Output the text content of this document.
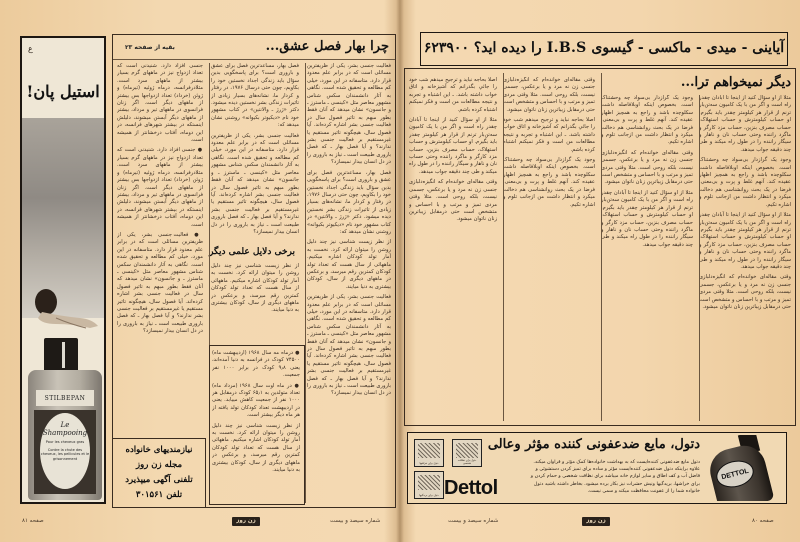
ع
استیل پان!
STILBEPAN
Le Shampooing
Pour les cheveux gras
Contre la chute des cheveux, les pellicules et le grisonnement
چرا بهار فصل عشق...
بقیه از صفحه ۲۳

فعالیت جنسی بشر، یکی از ظریفترین مسائلی است که در برابر علم معدود قرار دارد. متاسفانه در این مورد، خیلی کم مطالعه و تحقیق شده است. نگاهی به آثار دانشمندان سکس شناس مشهور معاصر مثل «کینسی ـ ماسترز ـ و جانسون» نشان میدهد که آنان فقط بطور مبهم به تاثیر فصول سال در فعالیت جنسی بشر اشاره کرده‌اند. آیا فصول سال، هیچگونه تاثیر مستقیم یا غیرمستقیم بر فعالیت جنسی بشر ندارند؟ و آیا فصل بهار ـ که فصل باروری طبیعت است ـ نیاز به باروری را در دل انسان بیدار نمیسازد؟

فصل بهار، مساعدترین فصل برای عشق و باروری است؟ برای پاسخگویی بدین سؤال باید زندگی اجداد نخستین خود را بکاویم، چون حتی درسال ۱۹۷۶، در رفتار و کردار ما، نشانه‌های بسیار زیادی از تاثیرات زندگی بشر نخستین دیده میشود. دکتر «ژرژ ـ والانتین» در کتاب مشهور خود نام «دیکیوتر بکیوانه» روشنی نشان میدهد که:

از نظر زیست شناسی نیز چند دلیل روشن را میتوان ارائه کرد. نخست به آمار تولد کودکان اشاره میکنیم. ماههائی از سال هست که تعداد تولد کودکان کمترین رقم میرسد، و برعکس در ماههای دیگری از سال، کودکان بیشتری به دنیا میایند.

فعالیت جنسی بشر، یکی از ظریفترین مسائلی است که در برابر علم معدود قرار دارد. متاسفانه در این مورد، خیلی کم مطالعه و تحقیق شده است. نگاهی به آثار دانشمندان سکس شناس مشهور معاصر مثل «کینسی ـ ماسترز ـ و جانسون» نشان میدهد که آنان فقط بطور مبهم به تاثیر فصول سال در فعالیت جنسی بشر اشاره کرده‌اند. آیا فصول سال، هیچگونه تاثیر مستقیم یا غیرمستقیم بر فعالیت جنسی بشر ندارند؟ و آیا فصل بهار ـ که فصل باروری طبیعت است ـ نیاز به باروری را در دل انسان بیدار نمیسازد؟

فصل بهار، مساعدترین فصل برای عشق و باروری است؟ برای پاسخگویی بدین سؤال باید زندگی اجداد نخستین خود را بکاویم، چون حتی درسال ۱۹۷۶، در رفتار و کردار ما، نشانه‌های بسیار زیادی از تاثیرات زندگی بشر نخستین دیده میشود. دکتر «ژرژ ـ والانتین» در کتاب مشهور خود نام «دیکیوتر بکیوانه» روشنی نشان میدهد که:

فعالیت جنسی بشر، یکی از ظریفترین مسائلی است که در برابر علم معدود قرار دارد. متاسفانه در این مورد، خیلی کم مطالعه و تحقیق شده است. نگاهی به آثار دانشمندان سکس شناس مشهور معاصر مثل «کینسی ـ ماسترز ـ و جانسون» نشان میدهد که آنان فقط بطور مبهم به تاثیر فصول سال در فعالیت جنسی بشر اشاره کرده‌اند. آیا فصول سال، هیچگونه تاثیر مستقیم یا غیرمستقیم بر فعالیت جنسی بشر ندارند؟ و آیا فصل بهار ـ که فصل باروری طبیعت است ـ نیاز به باروری را در دل انسان بیدار نمیسازد؟

برخی دلایل علمی دیگر

از نظر زیست شناسی نیز چند دلیل روشن را میتوان ارائه کرد. نخست به آمار تولد کودکان اشاره میکنیم. ماههائی از سال هست که تعداد تولد کودکان کمترین رقم میرسد، و برعکس در ماههای دیگری از سال، کودکان بیشتری به دنیا میایند.

جنسی افزاد دارد. شنیدنی است که تعداد ازدواج نیز در ماههای گرم بسیار بیشتر از ماههای سرد است. مثلادرفرانسه، درماه ژوئیه (تیرماه) و ژوئن (خرداد) تعداد ازدواجها بس بیشتر از ماههای دیگر است. اگر زنان فرانسوی در ماههای تیر و مرداد، بیشتر از ماههای دیگر آبستن میشوند، دلیلش اینستکه در بیشتر شهرهای فرانسه، در این دوماه، آفتاب درخشانتر از همیشه است.

● جنسی افزاد دارد. شنیدنی است که تعداد ازدواج نیز در ماههای گرم بسیار بیشتر از ماههای سرد است. مثلادرفرانسه، درماه ژوئیه (تیرماه) و ژوئن (خرداد) تعداد ازدواجها بس بیشتر از ماههای دیگر است. اگر زنان فرانسوی در ماههای تیر و مرداد، بیشتر از ماههای دیگر آبستن میشوند، دلیلش اینستکه در بیشتر شهرهای فرانسه، در این دوماه، آفتاب درخشانتر از همیشه است.

● فعالیت جنسی بشر، یکی از ظریفترین مسائلی است که در برابر علم معدود قرار دارد. متاسفانه در این مورد، خیلی کم مطالعه و تحقیق شده است. نگاهی به آثار دانشمندان سکس شناس مشهور معاصر مثل «کینسی ـ ماسترز ـ و جانسون» نشان میدهد که آنان فقط بطور مبهم به تاثیر فصول سال در فعالیت جنسی بشر اشاره کرده‌اند. آیا فصول سال، هیچگونه تاثیر مستقیم یا غیرمستقیم بر فعالیت جنسی بشر ندارند؟ و آیا فصل بهار ـ که فصل باروری طبیعت است ـ نیاز به باروری را در دل انسان بیدار نمیسازد؟

● درماه مه سال ۱۹۶۸ (اردیبهشت ماه) ۷۴۵۰۰ کودک در فرانسه به دنیا آمده‌اند، یعنی ۹٫۸ کودک در برابر ۱۰۰۰ نفر جمعیت.

● در ماه اوت سال ۱۹۶۸ (مرداد ماه) تعداد متولدین به ۶۵٫۱ کودک درمقابل هر ۱۰۰۰ نفر از جمعیت کاهش مییابد. یعنی در اردیبهشت تعداد کودکان تولد یافته از هر ماه دیگر بیشتر است.

از نظر زیست شناسی نیز چند دلیل روشن را میتوان ارائه کرد. نخست به آمار تولد کودکان اشاره میکنیم. ماههائی از سال هست که تعداد تولد کودکان کمترین رقم میرسد، و برعکس در ماههای دیگری از سال، کودکان بیشتری به دنیا میایند.

نیازمندیهای خانواده
مجله زن روز
تلفنی آگهی میپذیرد
تلفن ۳۰۱۵۶۱
صفحه ۸۱	زن روز	شماره سیصد و بیست
آیاینی - میدی - ماکسی - گیسوی I.B.S را دیده اید؟ ۶۲۳۹۰۰
دیگر نمیخواهم ترا...

مثلا از او سؤال کنید از اینجا تا آبادان چقدر راه است و اگر من با یک کامیون سه‌تن‌بار ترنم از قرار هر کیلومتر چقدر باید بگیرم. او حساب کیلومترش و حساب استهلاک، حساب مصرف بنزین، حساب مزد کارگر و ماگرد راننده وحتی حساب نان و ناهار و سیگار راننده را در طول راه میکند و طی چند دقیقه جواب میدهد.

وجود یک گرازدار بی‌سواد چه وحشتناک است. بخصوص اینکه اوبلافاصله داشت سکلوچده باشد و راجع به همچیز اظهار عقیده کند. آنهم غلط و پرت و بی‌معنی. فرضا در یک بحث روانشناسی هم دخالت میکرد و انتظار داشت من ازجانب تلوم و اشاره تکیم.

مثلا از او سؤال کنید از اینجا تا آبادان چقدر راه است و اگر من با یک کامیون سه‌تن‌بار ترنم از قرار هر کیلومتر چقدر باید بگیرم. او حساب کیلومترش و حساب استهلاک، حساب مصرف بنزین، حساب مزد کارگر و ماگرد راننده وحتی حساب نان و ناهار و سیگار راننده را در طول راه میکند و طی چند دقیقه جواب میدهد.

وقتی مقاله‌ای خوانده‌ام که انگیزه‌دلبازی جنسی زن نه مرد و یا برعکس، جسمی نیست، بلکه روحی است. مثلا وقتی مردی تمیز و مرتب و با احساس و متشخص است حتی درمقابل زیباترین زنان ناتوان میشود.

وجود یک گرازدار بی‌سواد چه وحشتناک است. بخصوص اینکه اوبلافاصله داشت سکلوچده باشد و راجع به همچیز اظهار عقیده کند. آنهم غلط و پرت و بی‌معنی. فرضا در یک بحث روانشناسی هم دخالت میکرد و انتظار داشت من ازجانب تلوم و اشاره تکیم.

وقتی مقاله‌ای خوانده‌ام که انگیزه‌دلبازی جنسی زن نه مرد و یا برعکس، جسمی نیست، بلکه روحی است. مثلا وقتی مردی تمیز و مرتب و با احساس و متشخص است حتی درمقابل زیباترین زنان ناتوان میشود.

مثلا از او سؤال کنید از اینجا تا آبادان چقدر راه است و اگر من با یک کامیون سه‌تن‌بار ترنم از قرار هر کیلومتر چقدر باید بگیرم. او حساب کیلومترش و حساب استهلاک، حساب مصرف بنزین، حساب مزد کارگر و ماگرد راننده وحتی حساب نان و ناهار و سیگار راننده را در طول راه میکند و طی چند دقیقه جواب میدهد.

وقتی مقاله‌ای خوانده‌ام که انگیزه‌دلبازی جنسی زن نه مرد و یا برعکس، جسمی نیست، بلکه روحی است. مثلا وقتی مردی تمیز و مرتب و با احساس و متشخص است حتی درمقابل زیباترین زنان ناتوان میشود.

اصلا بحاجه نبايد و ترجيح ميدهم شب خود را جائي بگذرانم كه آشپزخانه و اتاق خواب داشته باشد. ـ این اشتباه و تجربه و نتیجه مطالعات من است و فکر نمیکنم اشتباه کرده باشم.

وجود یک گرازدار بی‌سواد چه وحشتناک است. بخصوص اینکه اوبلافاصله داشت سکلوچده باشد و راجع به همچیز اظهار عقیده کند. آنهم غلط و پرت و بی‌معنی. فرضا در یک بحث روانشناسی هم دخالت میکرد و انتظار داشت من ازجانب تلوم و اشاره تکیم.

اصلا بحاجه نبايد و ترجيح ميدهم شب خود را جائي بگذرانم كه آشپزخانه و اتاق خواب داشته باشد. ـ این اشتباه و تجربه و نتیجه مطالعات من است و فکر نمیکنم اشتباه کرده باشم.

مثلا از او سؤال کنید از اینجا تا آبادان چقدر راه است و اگر من با یک کامیون سه‌تن‌بار ترنم از قرار هر کیلومتر چقدر باید بگیرم. او حساب کیلومترش و حساب استهلاک، حساب مصرف بنزین، حساب مزد کارگر و ماگرد راننده وحتی حساب نان و ناهار و سیگار راننده را در طول راه میکند و طی چند دقیقه جواب میدهد.

وقتی مقاله‌ای خوانده‌ام که انگیزه‌دلبازی جنسی زن نه مرد و یا برعکس، جسمی نیست، بلکه روحی است. مثلا وقتی مردی تمیز و مرتب و با احساس و متشخص است حتی درمقابل زیباترین زنان ناتوان میشود.

دتول برای خراشها
دتول برای نظافت شخصی
دتول برای بریدگیها Dettol
دتول، مایع ضدعفونی کننده مؤثر وعالی
دتول مایع ضدعفونی کننده‌ایست که به بهداشت خانواده‌ها کمک مؤثر و فراوان میکند. علاوه براینکه دتول ضدعفونی کننده‌ایست مؤثر و ساده برای تمیز کردن دستشوئی و فاضل آب و کف اطاق و سایر لوازم خانه میباشد برای نظافت شخصی و حمام کردن و برای خراشها، بریدگیها ونیش حشرات نیز بکار برده میشود. بخاطر داشته باشید دتول خانواده شما را از عفونت محافظت میکند و سمی نیست.
DETTOL
شماره سیصد و بیست	زن روز	صفحه ۸۰
